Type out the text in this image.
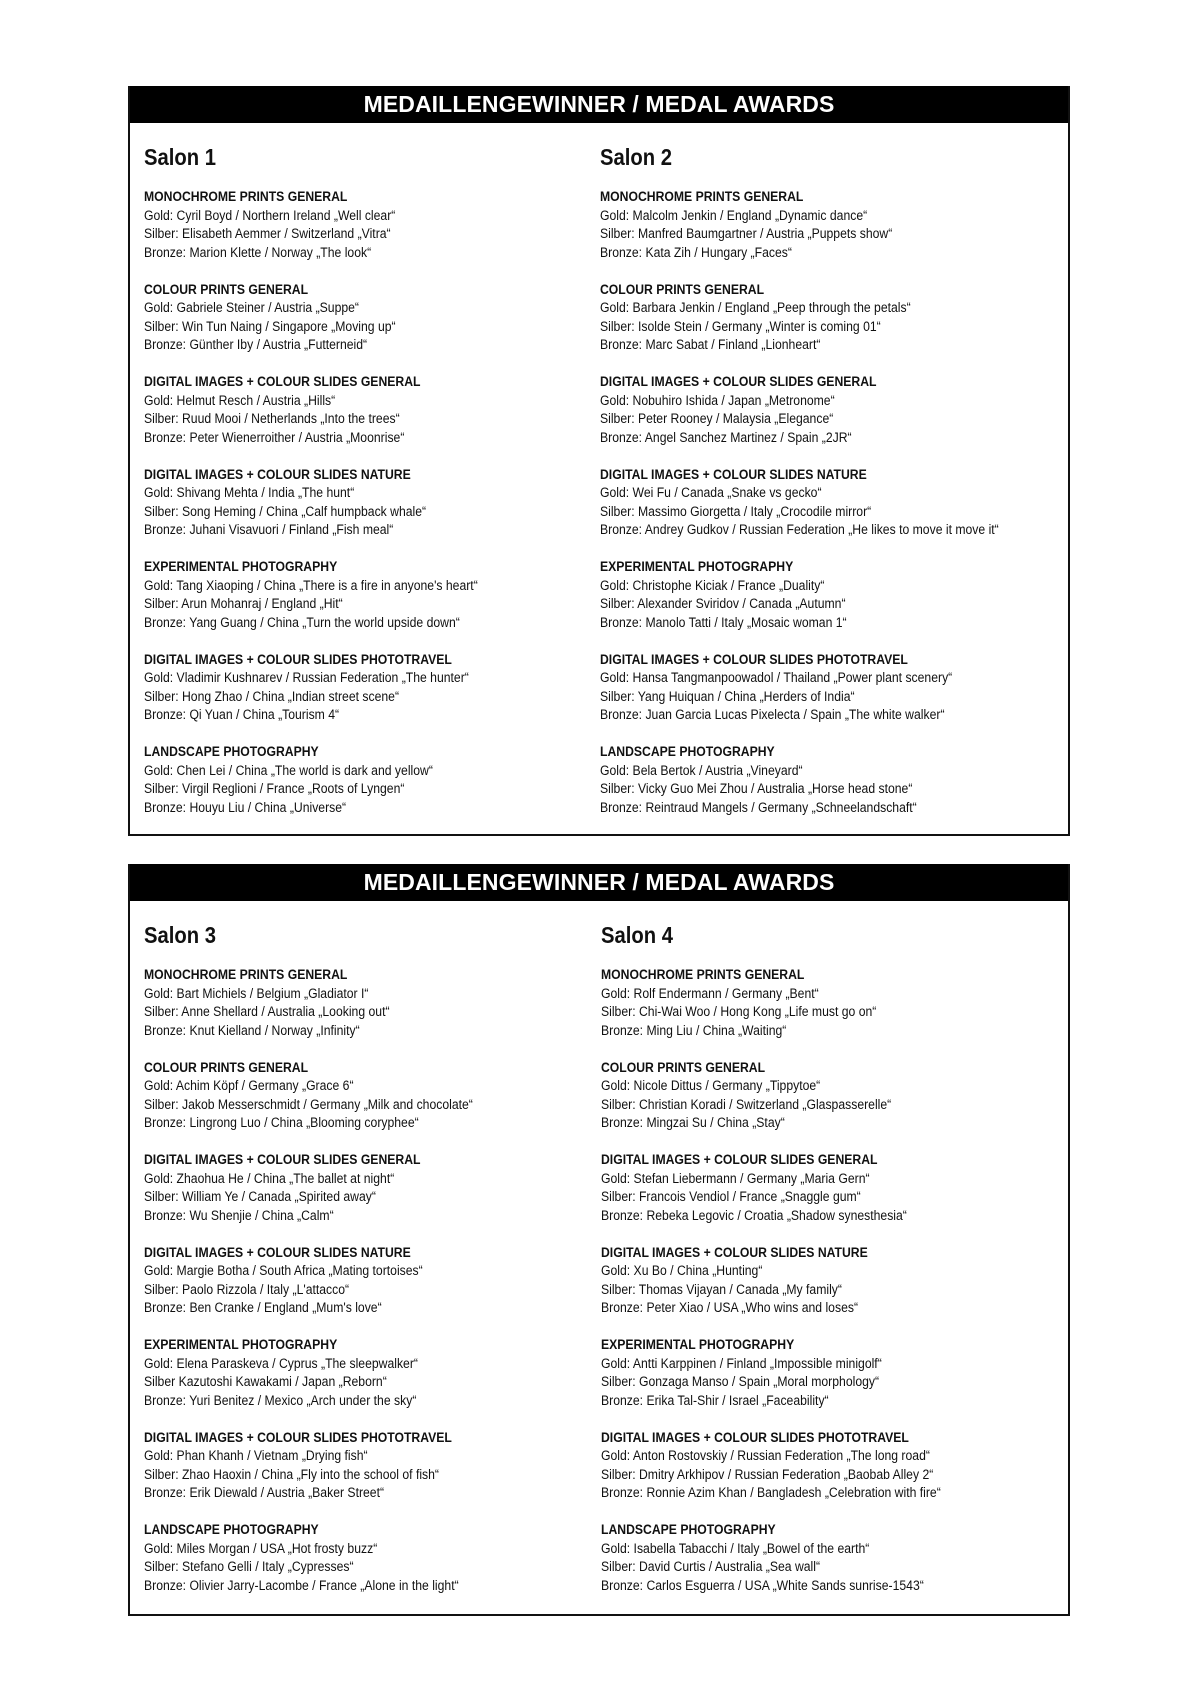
MEDAILLENGEWINNER / MEDAL AWARDS
Salon 1
MONOCHROME PRINTS GENERAL
Gold: Cyril Boyd / Northern Ireland „Well clear“
Silber: Elisabeth Aemmer / Switzerland „Vitra“
Bronze: Marion Klette / Norway „The look“
COLOUR PRINTS GENERAL
Gold: Gabriele Steiner / Austria „Suppe“
Silber: Win Tun Naing / Singapore „Moving up“
Bronze: Günther Iby / Austria „Futterneid“
DIGITAL IMAGES + COLOUR SLIDES GENERAL
Gold: Helmut Resch / Austria „Hills“
Silber: Ruud Mooi / Netherlands „Into the trees“
Bronze: Peter Wienerroither / Austria „Moonrise“
DIGITAL IMAGES + COLOUR SLIDES NATURE
Gold: Shivang Mehta / India „The hunt“
Silber: Song Heming / China „Calf humpback whale“
Bronze: Juhani Visavuori / Finland „Fish meal“
EXPERIMENTAL PHOTOGRAPHY
Gold: Tang Xiaoping / China „There is a fire in anyone's heart“
Silber: Arun Mohanraj / England „Hit“
Bronze: Yang Guang / China „Turn the world upside down“
DIGITAL IMAGES + COLOUR SLIDES PHOTOTRAVEL
Gold: Vladimir Kushnarev / Russian Federation „The hunter“
Silber: Hong Zhao / China „Indian street scene“
Bronze: Qi Yuan / China „Tourism 4“
LANDSCAPE PHOTOGRAPHY
Gold: Chen Lei / China „The world is dark and yellow“
Silber: Virgil Reglioni / France „Roots of Lyngen“
Bronze: Houyu Liu / China „Universe“
Salon 2
MONOCHROME PRINTS GENERAL
Gold: Malcolm Jenkin / England „Dynamic dance“
Silber: Manfred Baumgartner / Austria „Puppets show“
Bronze: Kata Zih / Hungary „Faces“
COLOUR PRINTS GENERAL
Gold: Barbara Jenkin / England „Peep through the petals“
Silber: Isolde Stein / Germany „Winter is coming 01“
Bronze: Marc Sabat / Finland „Lionheart“
DIGITAL IMAGES + COLOUR SLIDES GENERAL
Gold: Nobuhiro Ishida / Japan „Metronome“
Silber: Peter Rooney / Malaysia „Elegance“
Bronze: Angel Sanchez Martinez / Spain „2JR“
DIGITAL IMAGES + COLOUR SLIDES NATURE
Gold: Wei Fu / Canada „Snake vs gecko“
Silber: Massimo Giorgetta / Italy „Crocodile mirror“
Bronze: Andrey Gudkov / Russian Federation „He likes to move it move it“
EXPERIMENTAL PHOTOGRAPHY
Gold: Christophe Kiciak / France „Duality“
Silber: Alexander Sviridov / Canada „Autumn“
Bronze: Manolo Tatti / Italy „Mosaic woman 1“
DIGITAL IMAGES + COLOUR SLIDES PHOTOTRAVEL
Gold: Hansa Tangmanpoowadol / Thailand „Power plant scenery“
Silber: Yang Huiquan / China „Herders of India“
Bronze: Juan Garcia Lucas Pixelecta / Spain „The white walker“
LANDSCAPE PHOTOGRAPHY
Gold: Bela Bertok / Austria „Vineyard“
Silber: Vicky Guo Mei Zhou / Australia „Horse head stone“
Bronze: Reintraud Mangels / Germany „Schneelandschaft“
MEDAILLENGEWINNER / MEDAL AWARDS
Salon 3
MONOCHROME PRINTS GENERAL
Gold: Bart Michiels / Belgium „Gladiator I“
Silber: Anne Shellard / Australia „Looking out“
Bronze: Knut Kielland / Norway „Infinity“
COLOUR PRINTS GENERAL
Gold: Achim Köpf / Germany „Grace 6“
Silber: Jakob Messerschmidt / Germany „Milk and chocolate“
Bronze: Lingrong Luo / China „Blooming coryphee“
DIGITAL IMAGES + COLOUR SLIDES GENERAL
Gold: Zhaohua He / China „The ballet at night“
Silber: William Ye / Canada „Spirited away“
Bronze: Wu Shenjie / China „Calm“
DIGITAL IMAGES + COLOUR SLIDES NATURE
Gold: Margie Botha / South Africa „Mating tortoises“
Silber: Paolo Rizzola / Italy „L'attacco“
Bronze: Ben Cranke / England „Mum's love“
EXPERIMENTAL PHOTOGRAPHY
Gold: Elena Paraskeva / Cyprus „The sleepwalker“
Silber Kazutoshi Kawakami / Japan „Reborn“
Bronze: Yuri Benitez / Mexico „Arch under the sky“
DIGITAL IMAGES + COLOUR SLIDES PHOTOTRAVEL
Gold: Phan Khanh / Vietnam „Drying fish“
Silber: Zhao Haoxin / China „Fly into the school of fish“
Bronze: Erik Diewald / Austria „Baker Street“
LANDSCAPE PHOTOGRAPHY
Gold: Miles Morgan / USA „Hot frosty buzz“
Silber: Stefano Gelli / Italy „Cypresses“
Bronze: Olivier Jarry-Lacombe / France „Alone in the light“
Salon 4
MONOCHROME PRINTS GENERAL
Gold: Rolf Endermann / Germany „Bent“
Silber: Chi-Wai Woo / Hong Kong „Life must go on“
Bronze: Ming Liu / China „Waiting“
COLOUR PRINTS GENERAL
Gold: Nicole Dittus / Germany „Tippytoe“
Silber: Christian Koradi / Switzerland „Glaspasserelle“
Bronze: Mingzai Su / China „Stay“
DIGITAL IMAGES + COLOUR SLIDES GENERAL
Gold: Stefan Liebermann / Germany „Maria Gern“
Silber: Francois Vendiol / France „Snaggle gum“
Bronze: Rebeka Legovic / Croatia „Shadow synesthesia“
DIGITAL IMAGES + COLOUR SLIDES NATURE
Gold: Xu Bo / China „Hunting“
Silber: Thomas Vijayan / Canada „My family“
Bronze: Peter Xiao / USA „Who wins and loses“
EXPERIMENTAL PHOTOGRAPHY
Gold: Antti Karppinen / Finland „Impossible minigolf“
Silber: Gonzaga Manso / Spain „Moral morphology“
Bronze: Erika Tal-Shir / Israel „Faceability“
DIGITAL IMAGES + COLOUR SLIDES PHOTOTRAVEL
Gold: Anton Rostovskiy / Russian Federation „The long road“
Silber: Dmitry Arkhipov / Russian Federation „Baobab Alley 2“
Bronze: Ronnie Azim Khan / Bangladesh „Celebration with fire“
LANDSCAPE PHOTOGRAPHY
Gold: Isabella Tabacchi / Italy „Bowel of the earth“
Silber: David Curtis / Australia „Sea wall“
Bronze: Carlos Esguerra / USA „White Sands sunrise-1543“
